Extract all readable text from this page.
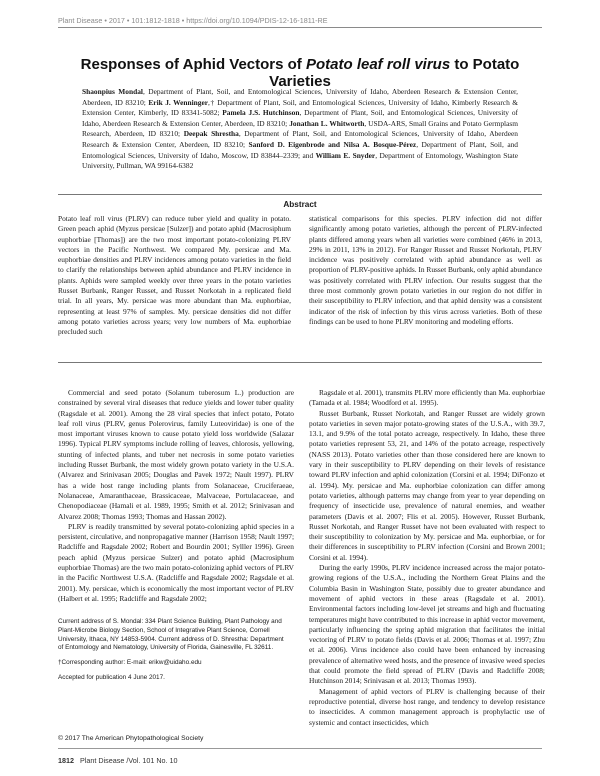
Plant Disease • 2017 • 101:1812-1818 • https://doi.org/10.1094/PDIS-12-16-1811-RE
Responses of Aphid Vectors of Potato leaf roll virus to Potato Varieties
Shaonpius Mondal, Department of Plant, Soil, and Entomological Sciences, University of Idaho, Aberdeen Research & Extension Center, Aberdeen, ID 83210; Erik J. Wenninger,† Department of Plant, Soil, and Entomological Sciences, University of Idaho, Kimberly Research & Extension Center, Kimberly, ID 83341-5082; Pamela J.S. Hutchinson, Department of Plant, Soil, and Entomological Sciences, University of Idaho, Aberdeen Research & Extension Center, Aberdeen, ID 83210; Jonathan L. Whitworth, USDA-ARS, Small Grains and Potato Germplasm Research, Aberdeen, ID 83210; Deepak Shrestha, Department of Plant, Soil, and Entomological Sciences, University of Idaho, Aberdeen Research & Extension Center, Aberdeen, ID 83210; Sanford D. Eigenbrode and Nilsa A. Bosque-Pérez, Department of Plant, Soil, and Entomological Sciences, University of Idaho, Moscow, ID 83844–2339; and William E. Snyder, Department of Entomology, Washington State University, Pullman, WA 99164-6382
Abstract

Potato leaf roll virus (PLRV) can reduce tuber yield and quality in potato. Green peach aphid (Myzus persicae [Sulzer]) and potato aphid (Macrosiphum euphorbiae [Thomas]) are the two most important potato-colonizing PLRV vectors in the Pacific Northwest. We compared My. persicae and Ma. euphorbiae densities and PLRV incidences among potato varieties in the field to clarify the relationships between aphid abundance and PLRV incidence in plants. Aphids were sampled weekly over three years in the potato varieties Russet Burbank, Ranger Russet, and Russet Norkotah in a replicated field trial. In all years, My. persicae was more abundant than Ma. euphorbiae, representing at least 97% of samples. My. persicae densities did not differ among potato varieties across years; very low numbers of Ma. euphorbiae precluded such

statistical comparisons for this species. PLRV infection did not differ significantly among potato varieties, although the percent of PLRV-infected plants differed among years when all varieties were combined (46% in 2013, 29% in 2011, 13% in 2012). For Ranger Russet and Russet Norkotah, PLRV incidence was positively correlated with aphid abundance as well as proportion of PLRV-positive aphids. In Russet Burbank, only aphid abundance was positively correlated with PLRV infection. Our results suggest that the three most commonly grown potato varieties in our region do not differ in their susceptibility to PLRV infection, and that aphid density was a consistent indicator of the risk of infection by this virus across varieties. Both of these findings can be used to hone PLRV monitoring and modeling efforts.

Commercial and seed potato (Solanum tuberosum L.) production are constrained by several viral diseases that reduce yields and lower tuber quality (Ragsdale et al. 2001). Among the 28 viral species that infect potato, Potato leaf roll virus (PLRV, genus Polerovirus, family Luteoviridae) is one of the most important viruses known to cause potato yield loss worldwide (Salazar 1996). Typical PLRV symptoms include rolling of leaves, chlorosis, yellowing, stunting of infected plants, and tuber net necrosis in some potato varieties including Russet Burbank, the most widely grown potato variety in the U.S.A. (Alvarez and Srinivasan 2005; Douglas and Pavek 1972; Nault 1997). PLRV has a wide host range including plants from Solanaceae, Cruciferaeae, Nolanaceae, Amaranthaceae, Brassicaceae, Malvaceae, Portulacaceae, and Chenopodiaceae (Hamali et al. 1989, 1995; Smith et al. 2012; Srinivasan and Alvarez 2008; Thomas 1993; Thomas and Hassan 2002).

PLRV is readily transmitted by several potato-colonizing aphid species in a persistent, circulative, and nonpropagative manner (Harrison 1958; Nault 1997; Radcliffe and Ragsdale 2002; Robert and Bourdin 2001; Sylller 1996). Green peach aphid (Myzus persicae Sulzer) and potato aphid (Macrosiphum euphorbiae Thomas) are the two main potato-colonizing aphid vectors of PLRV in the Pacific Northwest U.S.A. (Radcliffe and Ragsdale 2002; Ragsdale et al. 2001). My. persicae, which is economically the most important vector of PLRV (Halbert et al. 1995; Radcliffe and Ragsdale 2002;

Ragsdale et al. 2001), transmits PLRV more efficiently than Ma. euphorbiae (Tamada et al. 1984; Woodford et al. 1995).

Russet Burbank, Russet Norkotah, and Ranger Russet are widely grown potato varieties in seven major potato-growing states of the U.S.A., with 39.7, 13.1, and 9.9% of the total potato acreage, respectively. In Idaho, these three potato varieties represent 53, 21, and 14% of the potato acreage, respectively (NASS 2013). Potato varieties other than those considered here are known to vary in their susceptibility to PLRV depending on their levels of resistance toward PLRV infection and aphid colonization (Corsini et al. 1994; DiFonzo et al. 1994). My. persicae and Ma. euphorbiae colonization can differ among potato varieties, although patterns may change from year to year depending on frequency of insecticide use, prevalence of natural enemies, and weather parameters (Davis et al. 2007; Flis et al. 2005). However, Russet Burbank, Russet Norkotah, and Ranger Russet have not been evaluated with respect to their susceptibility to colonization by My. persicae and Ma. euphorbiae, or for their differences in susceptibility to PLRV infection (Corsini and Brown 2001; Corsini et al. 1994).

During the early 1990s, PLRV incidence increased across the major potato-growing regions of the U.S.A., including the Northern Great Plains and the Columbia Basin in Washington State, possibly due to greater abundance and movement of aphid vectors in these areas (Ragsdale et al. 2001). Environmental factors including low-level jet streams and high and fluctuating temperatures might have contributed to this increase in aphid vector movement, particularly influencing the spring aphid migration that facilitates the initial vectoring of PLRV to potato fields (Davis et al. 2006; Thomas et al. 1997; Zhu et al. 2006). Virus incidence also could have been enhanced by increasing prevalence of alternative weed hosts, and the presence of invasive weed species that could promote the field spread of PLRV (Davis and Radcliffe 2008; Hutchinson 2014; Srinivasan et al. 2013; Thomas 1993).

Management of aphid vectors of PLRV is challenging because of their reproductive potential, diverse host range, and tendency to develop resistance to insecticides. A common management approach is prophylactic use of systemic and contact insecticides, which

Current address of S. Mondal: 334 Plant Science Building, Plant Pathology and Plant-Microbe Biology Section, School of Integrative Plant Science, Cornell University, Ithaca, NY 14853-5904. Current address of D. Shrestha: Department of Entomology and Nematology, University of Florida, Gainesville, FL 32611.

†Corresponding author: E-mail: erikw@uidaho.edu

Accepted for publication 4 June 2017.

© 2017 The American Phytopathological Society
1812 Plant Disease /Vol. 101 No. 10
